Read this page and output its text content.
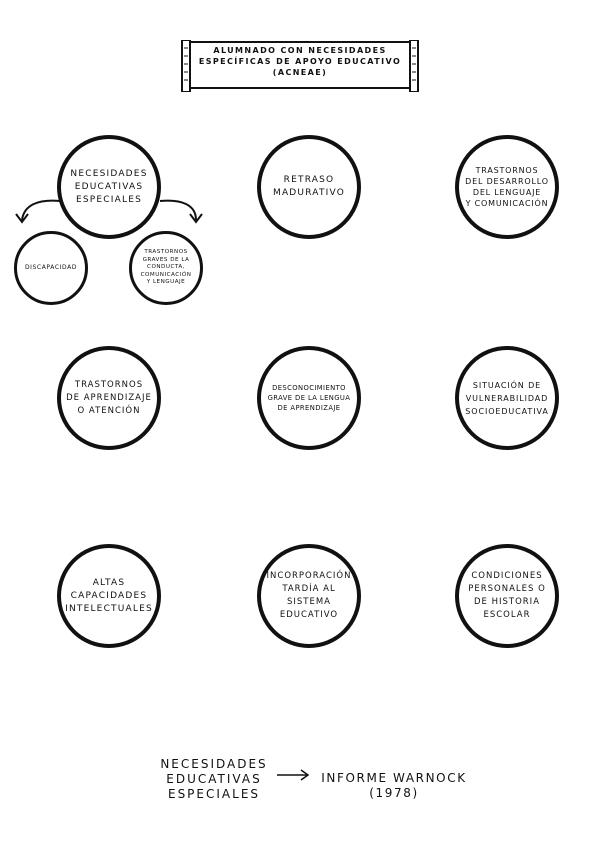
ALUMNADO CON NECESIDADES
ESPECÍFICAS DE APOYO EDUCATIVO
(ACNEAE)
NECESIDADES
EDUCATIVAS
ESPECIALES
DISCAPACIDAD
TRASTORNOS
GRAVES DE LA
CONDUCTA,
COMUNICACIÓN
Y LENGUAJE
RETRASO
MADURATIVO
TRASTORNOS
DEL DESARROLLO
DEL LENGUAJE
Y COMUNICACIÓN
TRASTORNOS
DE APRENDIZAJE
O ATENCIÓN
DESCONOCIMIENTO
GRAVE DE LA LENGUA
DE APRENDIZAJE
SITUACIÓN DE
VULNERABILIDAD
SOCIOEDUCATIVA
ALTAS
CAPACIDADES
INTELECTUALES
INCORPORACIÓN
TARDÍA AL
SISTEMA
EDUCATIVO
CONDICIONES
PERSONALES O
DE HISTORIA
ESCOLAR
NECESIDADES
EDUCATIVAS
ESPECIALES
INFORME WARNOCK
(1978)
